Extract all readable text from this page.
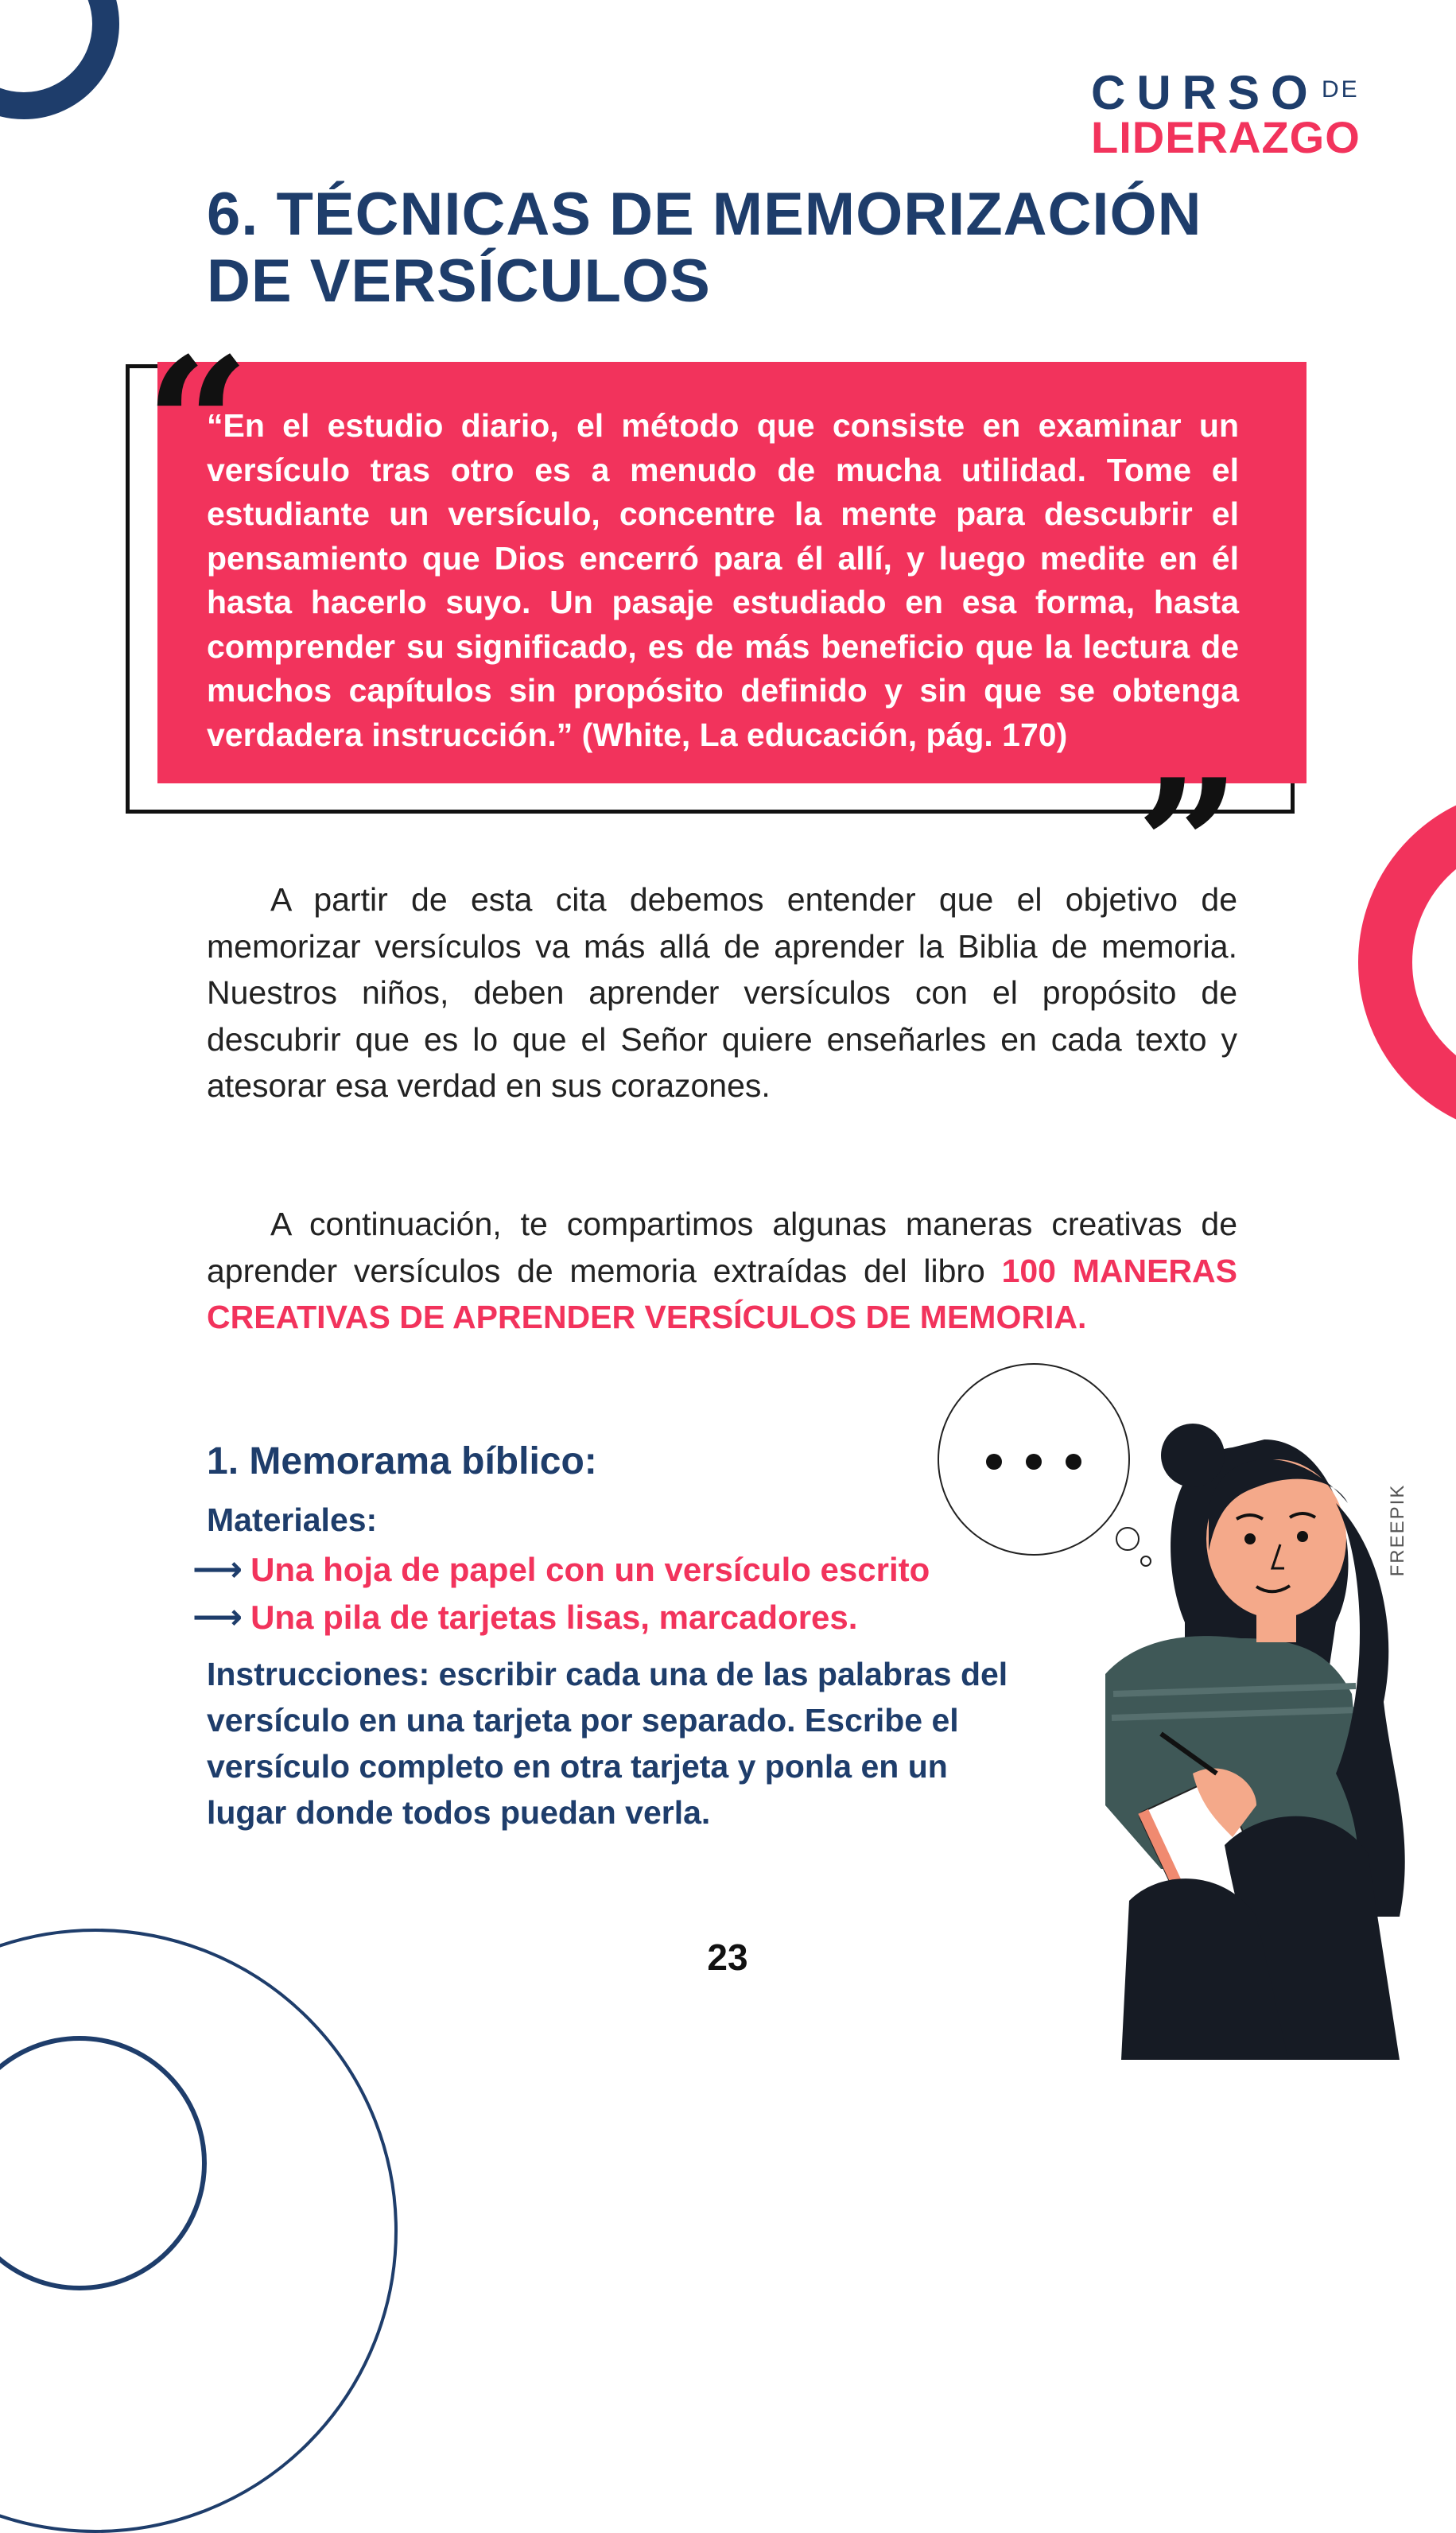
CURSO DE
LIDERAZGO
6. TÉCNICAS DE MEMORIZACIÓN DE VERSÍCULOS
“
”

“En el estudio diario, el método que consiste en examinar un versículo tras otro es a menudo de mucha utilidad. Tome el estudiante un versículo, concentre la mente para descubrir el pensamiento que Dios encerró para él allí, y luego medite en él hasta hacerlo suyo. Un pasaje estudiado en esa forma, hasta comprender su significado, es de más beneficio que la lectura de muchos capítulos sin propósito definido y sin que se obtenga verdadera instrucción.” (White, La educación, pág. 170)

A partir de esta cita debemos entender que el objetivo de memorizar versículos va más allá de aprender la Biblia de memoria. Nuestros niños, deben aprender versículos con el propósito de descubrir que es lo que el Señor quiere enseñarles en cada texto y atesorar esa verdad en sus corazones.

A continuación, te compartimos algunas maneras creativas de aprender versículos de memoria extraídas del libro 100 MANERAS CREATIVAS DE APRENDER VERSÍCULOS DE MEMORIA.

1. Memorama bíblico:
Materiales:
⟶ Una hoja de papel con un versículo escrito
⟶ Una pila de tarjetas lisas, marcadores.

Instrucciones: escribir cada una de las palabras del versículo en una tarjeta por separado. Escribe el versículo completo en otra tarjeta y ponla en un lugar donde todos puedan verla.

FREEPIK
23
